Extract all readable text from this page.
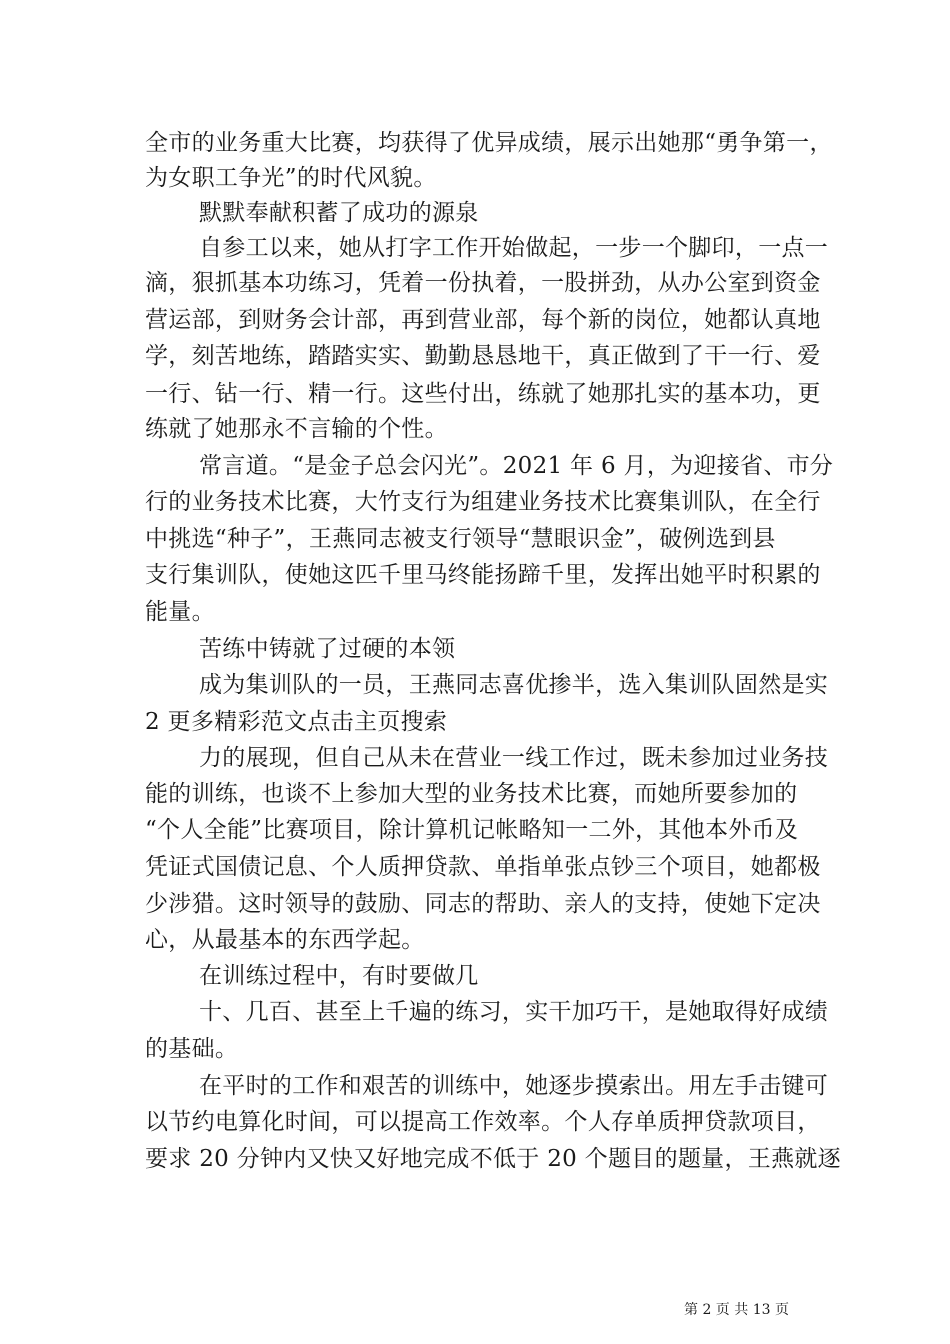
全市的业务重大比赛，均获得了优异成绩，展示出她那“勇争第一，
为女职工争光”的时代风貌。
默默奉献积蓄了成功的源泉
自参工以来，她从打字工作开始做起，一步一个脚印，一点一
滴，狠抓基本功练习，凭着一份执着，一股拼劲，从办公室到资金
营运部，到财务会计部，再到营业部，每个新的岗位，她都认真地
学，刻苦地练，踏踏实实、勤勤恳恳地干，真正做到了干一行、爱
一行、钻一行、精一行。这些付出，练就了她那扎实的基本功，更
练就了她那永不言输的个性。
常言道。“是金子总会闪光”。2021 年 6 月，为迎接省、市分
行的业务技术比赛，大竹支行为组建业务技术比赛集训队，在全行
中挑选“种子”，王燕同志被支行领导“慧眼识金”，破例选到县
支行集训队，使她这匹千里马终能扬蹄千里，发挥出她平时积累的
能量。
苦练中铸就了过硬的本领
成为集训队的一员，王燕同志喜优掺半，选入集训队固然是实
2 更多精彩范文点击主页搜索
力的展现，但自己从未在营业一线工作过，既未参加过业务技
能的训练，也谈不上参加大型的业务技术比赛，而她所要参加的
“个人全能”比赛项目，除计算机记帐略知一二外，其他本外币及
凭证式国债记息、个人质押贷款、单指单张点钞三个项目，她都极
少涉猎。这时领导的鼓励、同志的帮助、亲人的支持，使她下定决
心，从最基本的东西学起。
在训练过程中，有时要做几
十、几百、甚至上千遍的练习，实干加巧干，是她取得好成绩
的基础。
在平时的工作和艰苦的训练中，她逐步摸索出。用左手击键可
以节约电算化时间，可以提高工作效率。个人存单质押贷款项目，
要求 20 分钟内又快又好地完成不低于 20 个题目的题量，王燕就逐
第 2 页 共 13 页
